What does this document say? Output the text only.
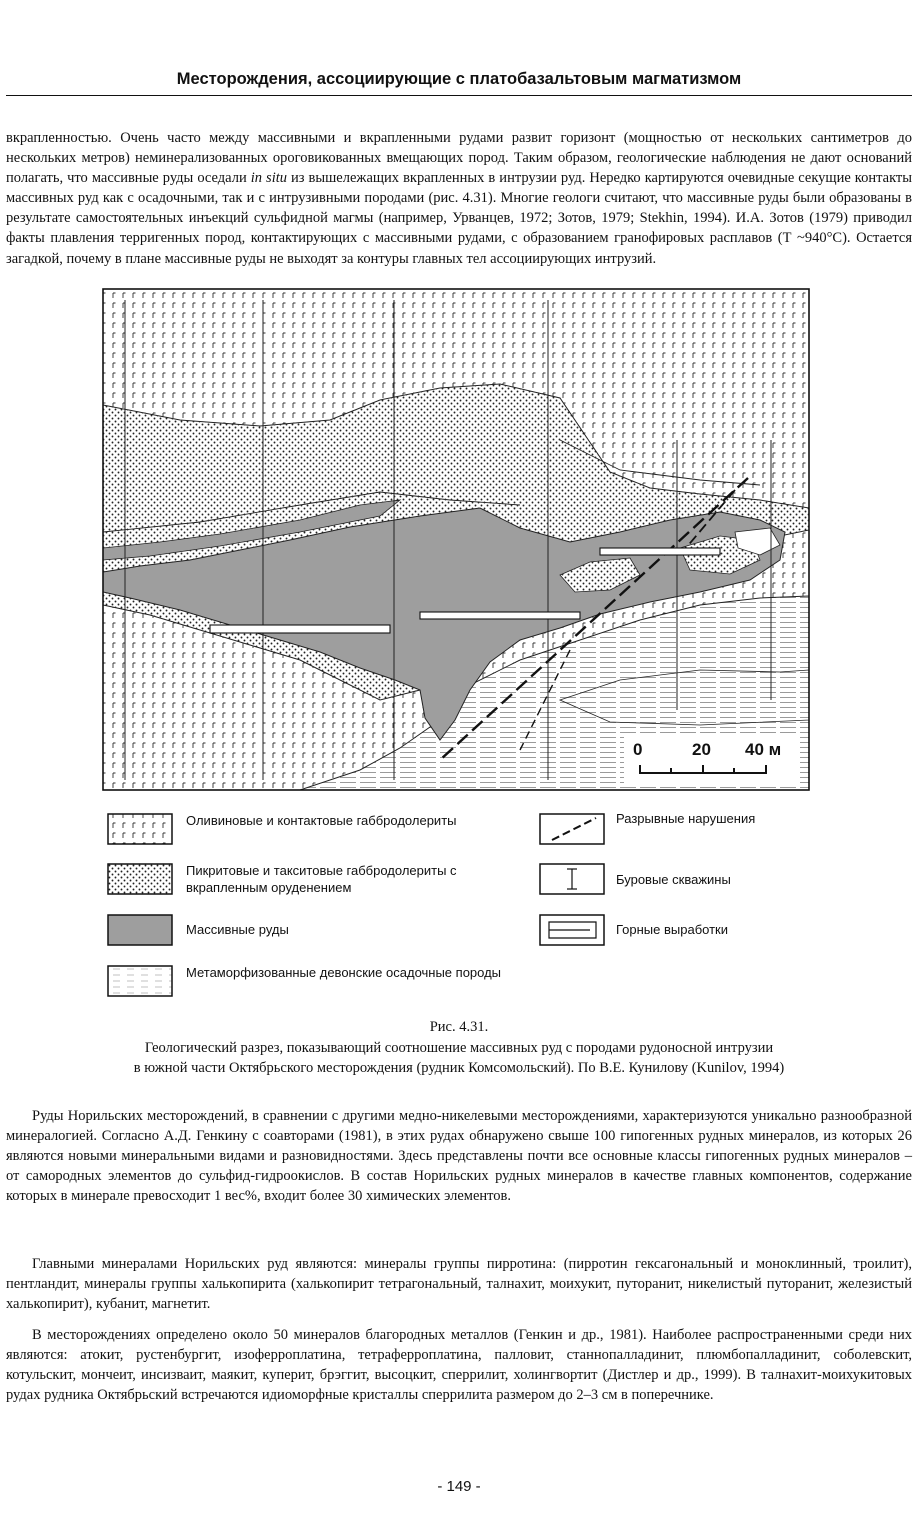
Месторождения, ассоциирующие с платобазальтовым магматизмом

вкрапленностью. Очень часто между массивными и вкрапленными рудами развит горизонт (мощностью от нескольких сантиметров до нескольких метров) неминерализованных ороговикованных вмещающих пород. Таким образом, геологические наблюдения не дают оснований полагать, что массивные руды оседали in situ из вышележащих вкрапленных в интрузии руд. Нередко картируются очевидные секущие контакты массивных руд как с осадочными, так и с интрузивными породами (рис. 4.31). Многие геологи считают, что массивные руды были образованы в результате самостоятельных инъекций сульфидной магмы (например, Урванцев, 1972; Зотов, 1979; Stekhin, 1994). И.А. Зотов (1979) приводил факты плавления терригенных пород, контактирующих с массивными рудами, с образованием гранофировых расплавов (Т ~940°С). Остается загадкой, почему в плане массивные руды не выходят за контуры главных тел ассоциирующих интрузий.

0	20 40 м
Оливиновые и контактовые габбродолериты
Пикритовые и такситовые габбродолериты с вкрапленным оруденением
Массивные руды
Метаморфизованные девонские осадочные породы
Разрывные нарушения
Буровые скважины
Горные выработки
Рис. 4.31.
Геологический разрез, показывающий соотношение массивных руд с породами рудоносной интрузии
в южной части Октябрьского месторождения (рудник Комсомольский). По В.Е. Кунилову (Kunilov, 1994)

Руды Норильских месторождений, в сравнении с другими медно-никелевыми месторождениями, характеризуются уникально разнообразной минералогией. Согласно А.Д. Генкину с соавторами (1981), в этих рудах обнаружено свыше 100 гипогенных рудных минералов, из которых 26 являются новыми минеральными видами и разновидностями. Здесь представлены почти все основные классы гипогенных рудных минералов – от самородных элементов до сульфид-гидроокислов. В состав Норильских рудных минералов в качестве главных компонентов, содержание которых в минерале превосходит 1 вес%, входит более 30 химических элементов.

Главными минералами Норильских руд являются: минералы группы пирротина: (пирротин гексагональный и моноклинный, троилит), пентландит, минералы группы халькопирита (халькопирит тетрагональный, талнахит, моихукит, путоранит, никелистый путоранит, железистый халькопирит), кубанит, магнетит.

В месторождениях определено около 50 минералов благородных металлов (Генкин и др., 1981). Наиболее распространенными среди них являются: атокит, рустенбургит, изоферроплатина, тетраферроплатина, палловит, станнопалладинит, плюмбопалладинит, соболевскит, котульскит, мончеит, инсизваит, маякит, куперит, брэггит, высоцкит, сперрилит, холингвортит (Дистлер и др., 1999). В талнахит-моихукитовых рудах рудника Октябрьский встречаются идиоморфные кристаллы сперрилита размером до 2–3 см в поперечнике.

- 149 -
